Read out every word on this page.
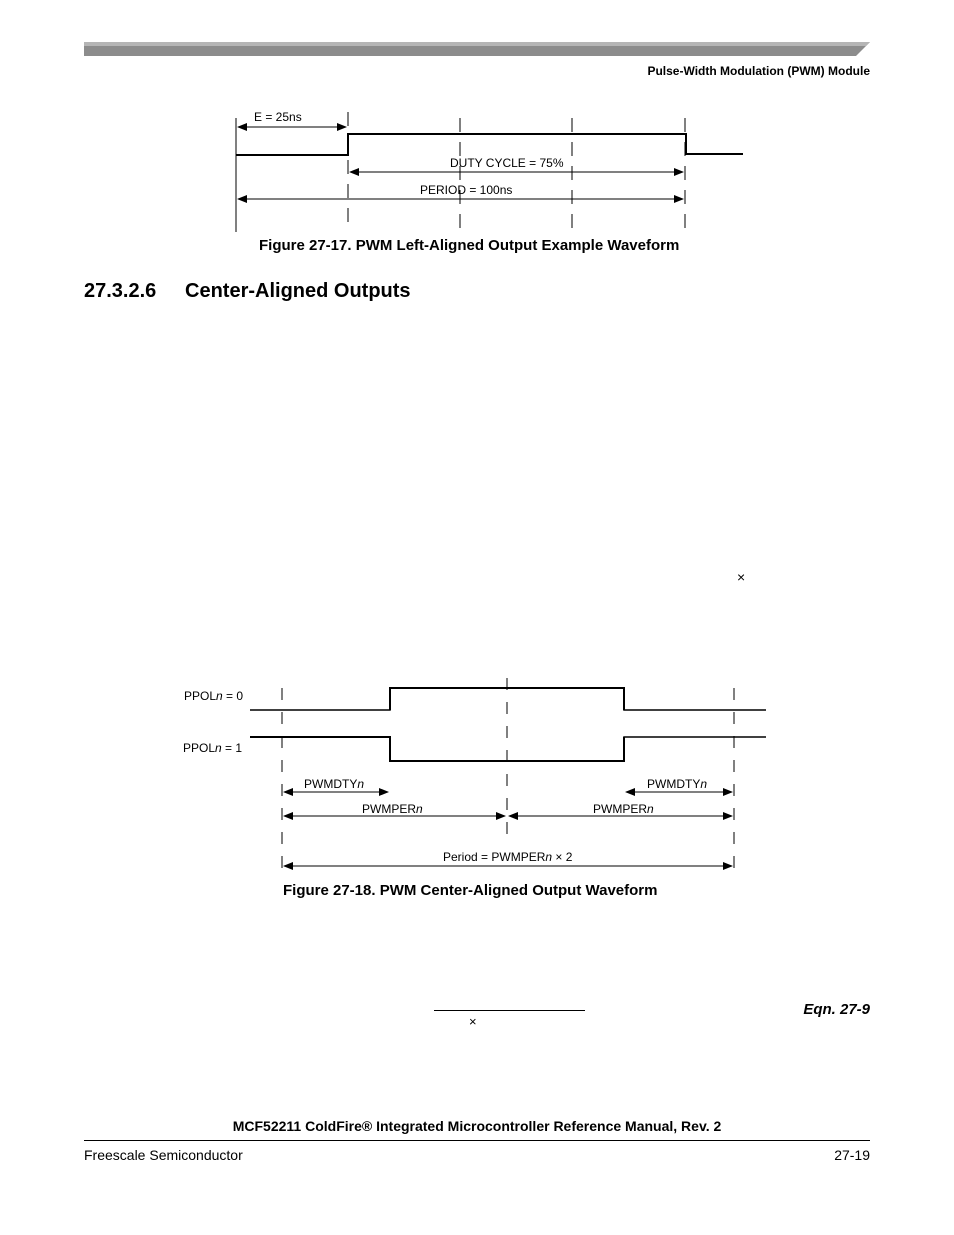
Pulse-Width Modulation (PWM) Module
E = 25ns
DUTY CYCLE = 75%
PERIOD = 100ns
Figure 27-17. PWM Left-Aligned Output Example Waveform
27.3.2.6 Center-Aligned Outputs
×
PPOLn = 0
PPOLn = 1
PWMDTYn	PWMDTYn
PWMPERn	PWMPERn
Period = PWMPERn × 2
Figure 27-18. PWM Center-Aligned Output Waveform
×
Eqn. 27-9
MCF52211 ColdFire® Integrated Microcontroller Reference Manual, Rev. 2
Freescale Semiconductor	27-19
